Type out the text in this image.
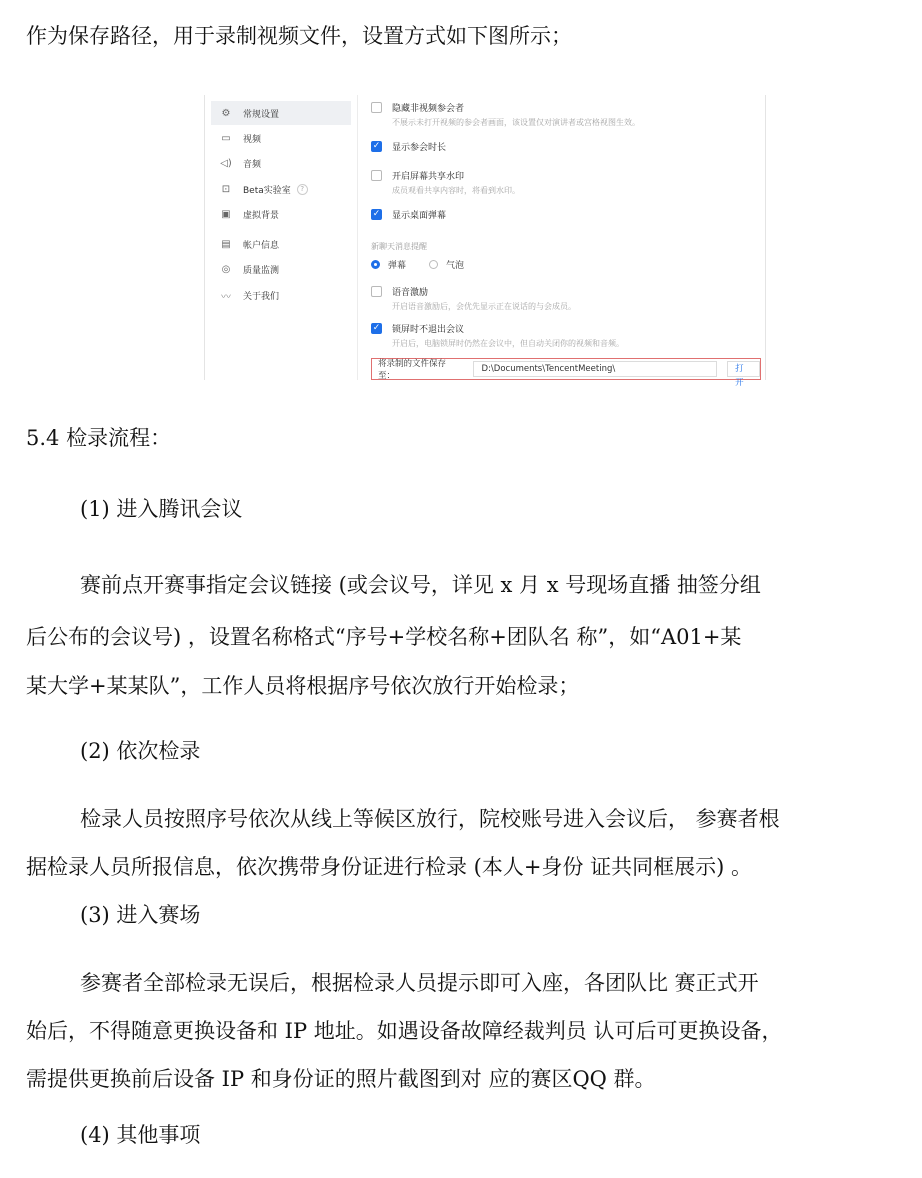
作为保存路径，用于录制视频文件，设置方式如下图所示；
⚙	常规设置
▭	视频
◁)	音频
⊡	Beta实验室	?
▣	虚拟背景
▤	帐户信息
◎	质量监测
〰	关于我们
隐藏非视频参会者
不展示未打开视频的参会者画面，该设置仅对演讲者或宫格视图生效。
✓ 显示参会时长
开启屏幕共享水印
成员观看共享内容时，将看到水印。
✓ 显示桌面弹幕
新聊天消息提醒
弹幕	气泡
语音激励
开启语音激励后，会优先显示正在说话的与会成员。
✓ 锁屏时不退出会议
开启后，电脑锁屏时仍然在会议中，但自动关闭你的视频和音频。
将录制的文件保存至：
D:\Documents\TencentMeeting\	打开
5.4 检录流程：
(1) 进入腾讯会议
赛前点开赛事指定会议链接 (或会议号，详见 x 月 x 号现场直播 抽签分组
后公布的会议号) ，设置名称格式“序号+学校名称+团队名 称”，如“A01+某
某大学+某某队”，工作人员将根据序号依次放行开始检录；
(2) 依次检录
检录人员按照序号依次从线上等候区放行，院校账号进入会议后， 参赛者根
据检录人员所报信息，依次携带身份证进行检录 (本人+身份 证共同框展示) 。
(3) 进入赛场
参赛者全部检录无误后，根据检录人员提示即可入座，各团队比 赛正式开
始后，不得随意更换设备和 IP 地址。如遇设备故障经裁判员 认可后可更换设备，
需提供更换前后设备 IP 和身份证的照片截图到对 应的赛区QQ 群。
(4) 其他事项
